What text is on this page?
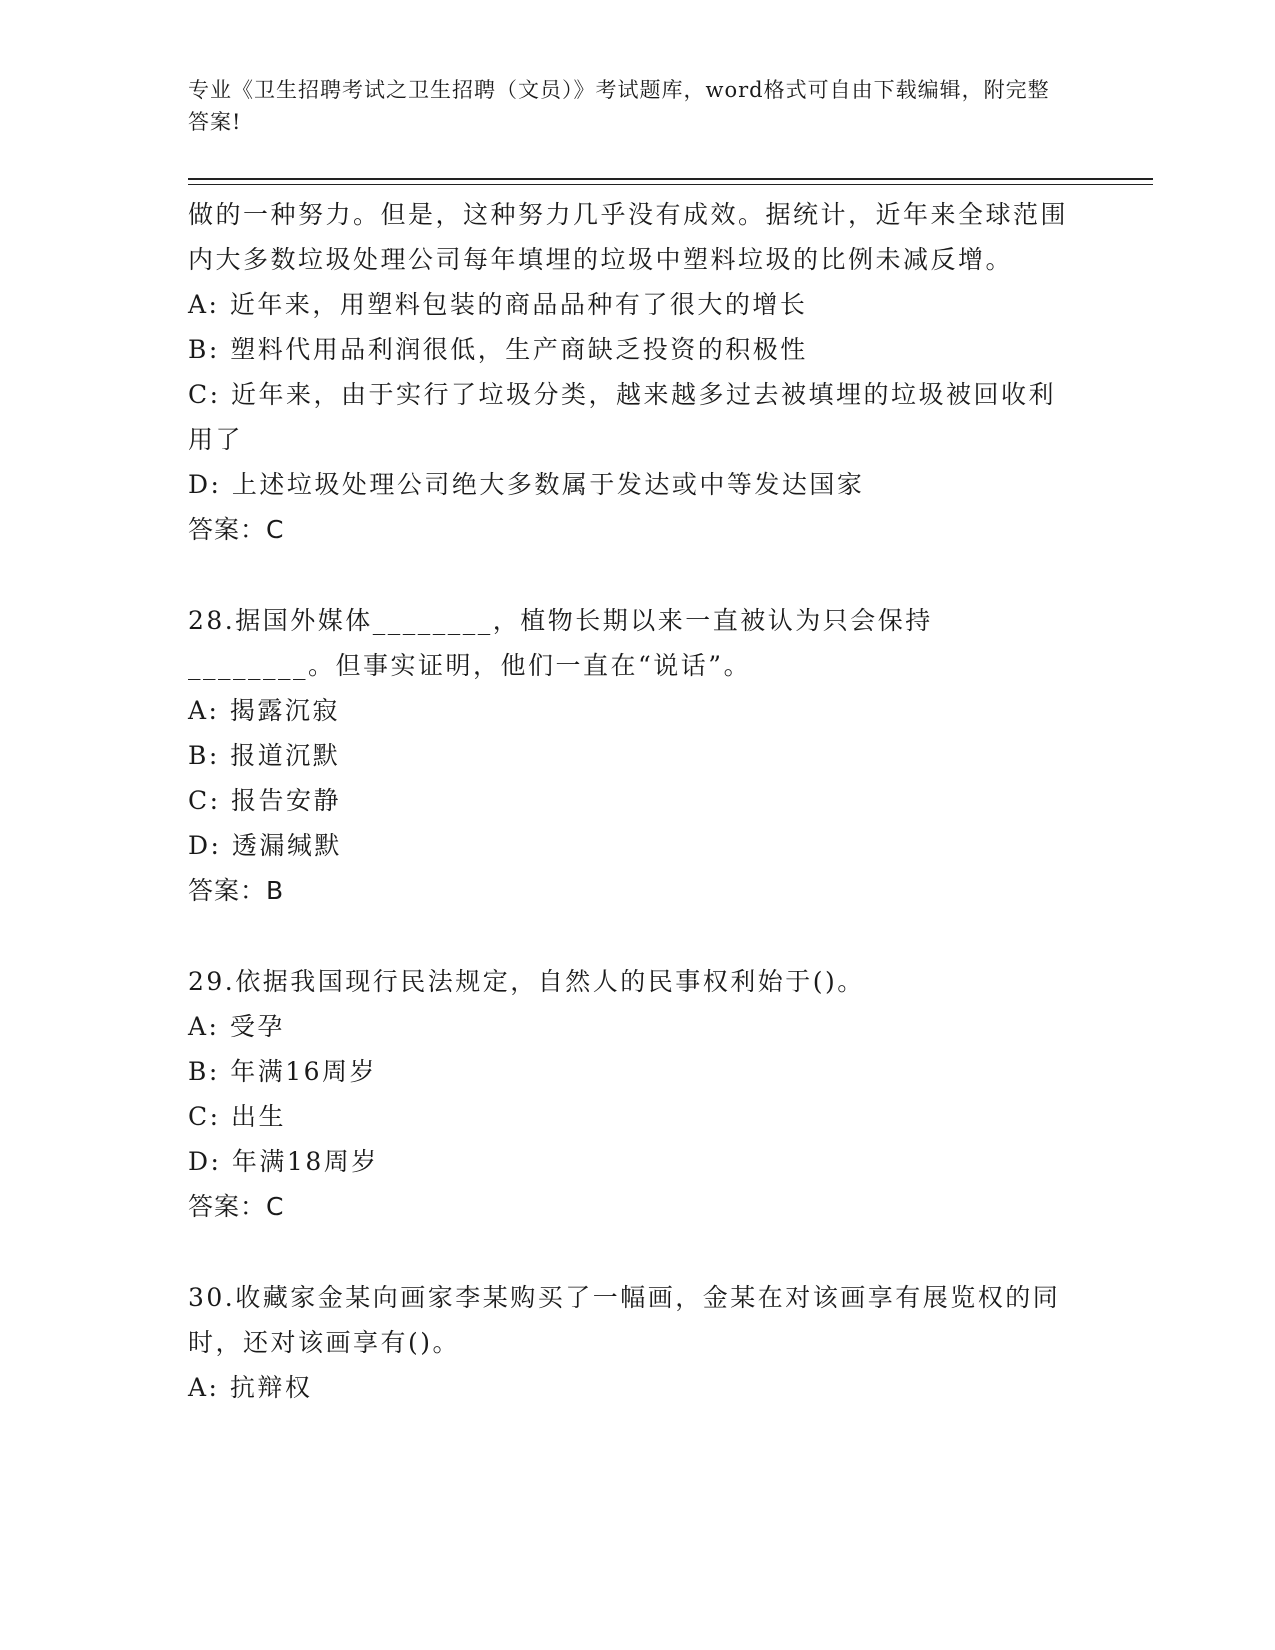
专业《卫生招聘考试之卫生招聘（文员）》考试题库，word格式可自由下载编辑，附完整答案!

做的一种努力。但是，这种努力几乎没有成效。据统计，近年来全球范围内大多数垃圾处理公司每年填埋的垃圾中塑料垃圾的比例未减反增。

A: 近年来，用塑料包装的商品品种有了很大的增长

B: 塑料代用品利润很低，生产商缺乏投资的积极性

C: 近年来，由于实行了垃圾分类，越来越多过去被填埋的垃圾被回收利用了

D: 上述垃圾处理公司绝大多数属于发达或中等发达国家

答案：C

28.据国外媒体________，植物长期以来一直被认为只会保持________。但事实证明，他们一直在“说话”。

A: 揭露沉寂

B: 报道沉默

C: 报告安静

D: 透漏缄默

答案：B

29.依据我国现行民法规定，自然人的民事权利始于()。

A: 受孕

B: 年满16周岁

C: 出生

D: 年满18周岁

答案：C

30.收藏家金某向画家李某购买了一幅画，金某在对该画享有展览权的同时，还对该画享有()。

A: 抗辩权
